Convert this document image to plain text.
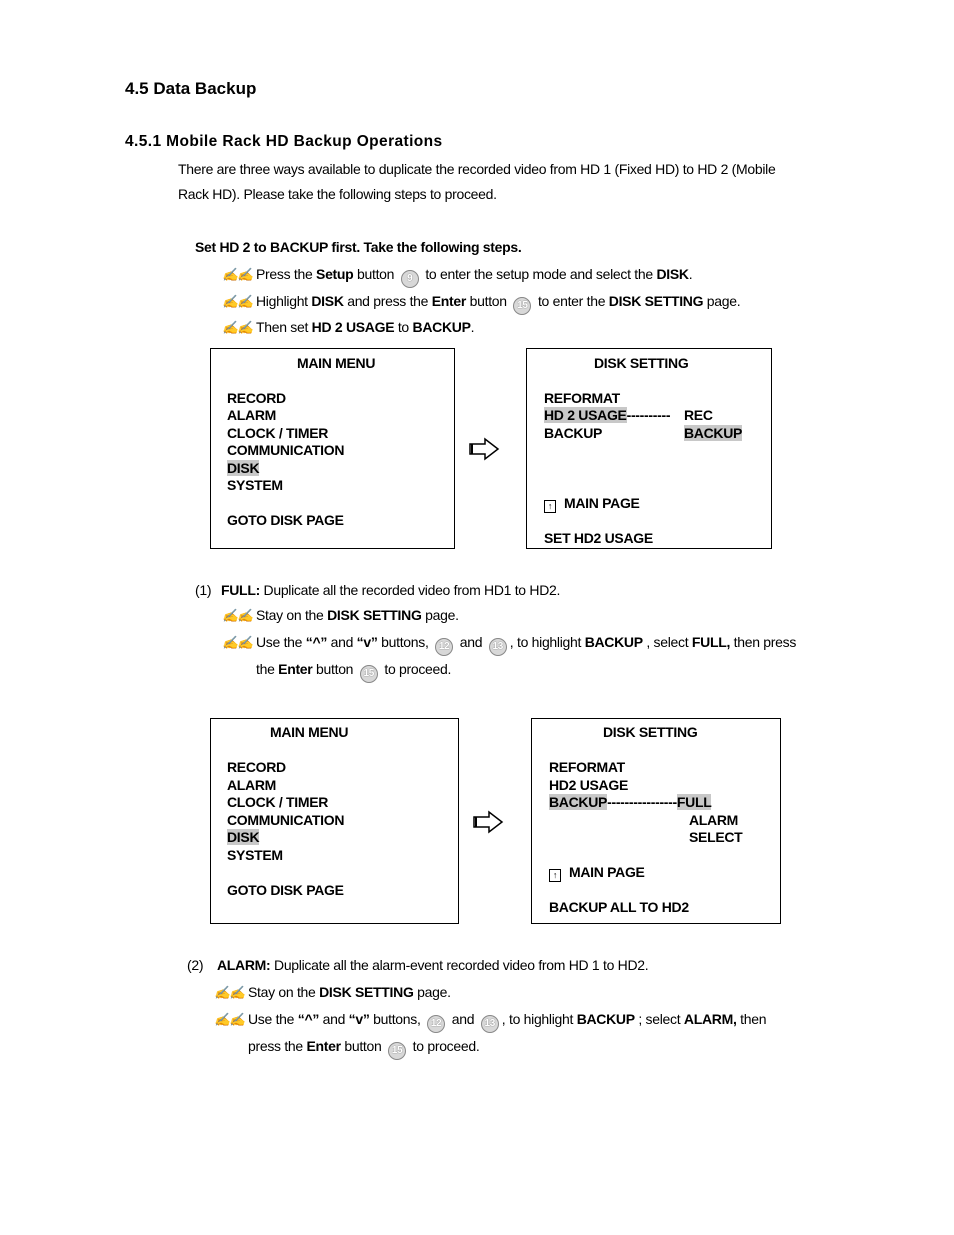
4.5 Data Backup
4.5.1 Mobile Rack HD Backup Operations
There are three ways available to duplicate the recorded video from HD 1 (Fixed HD) to HD 2 (Mobile
Rack HD). Please take the following steps to proceed.
Set HD 2 to BACKUP first. Take the following steps.
✍✍ Press the Setup button 9 to enter the setup mode and select the DISK.
✍✍ Highlight DISK and press the Enter button 15 to enter the DISK SETTING page.
✍✍ Then set HD 2 USAGE to BACKUP.
MAIN MENU
RECORD
ALARM
CLOCK / TIMER
COMMUNICATION
DISK
SYSTEM
GOTO DISK PAGE
DISK SETTING
REFORMAT
HD 2 USAGE---------- REC
BACKUP	BACKUP
↑ MAIN PAGE
SET HD2 USAGE
(1) FULL: Duplicate all the recorded video from HD1 to HD2.
✍✍ Stay on the DISK SETTING page.
✍✍ Use the “^” and “v” buttons, 12 and 13 , to highlight BACKUP , select FULL, then press
the Enter button 15 to proceed.
MAIN MENU
RECORD
ALARM
CLOCK / TIMER
COMMUNICATION
DISK
SYSTEM
GOTO DISK PAGE
DISK SETTING
REFORMAT
HD2 USAGE
BACKUP----------------FULL
ALARM
SELECT
↑ MAIN PAGE
BACKUP ALL TO HD2
(2) ALARM: Duplicate all the alarm-event recorded video from HD 1 to HD2.
✍✍ Stay on the DISK SETTING page.
✍✍ Use the “^” and “v” buttons, 12 and 13 , to highlight BACKUP ; select ALARM, then
press the Enter button 15 to proceed.
